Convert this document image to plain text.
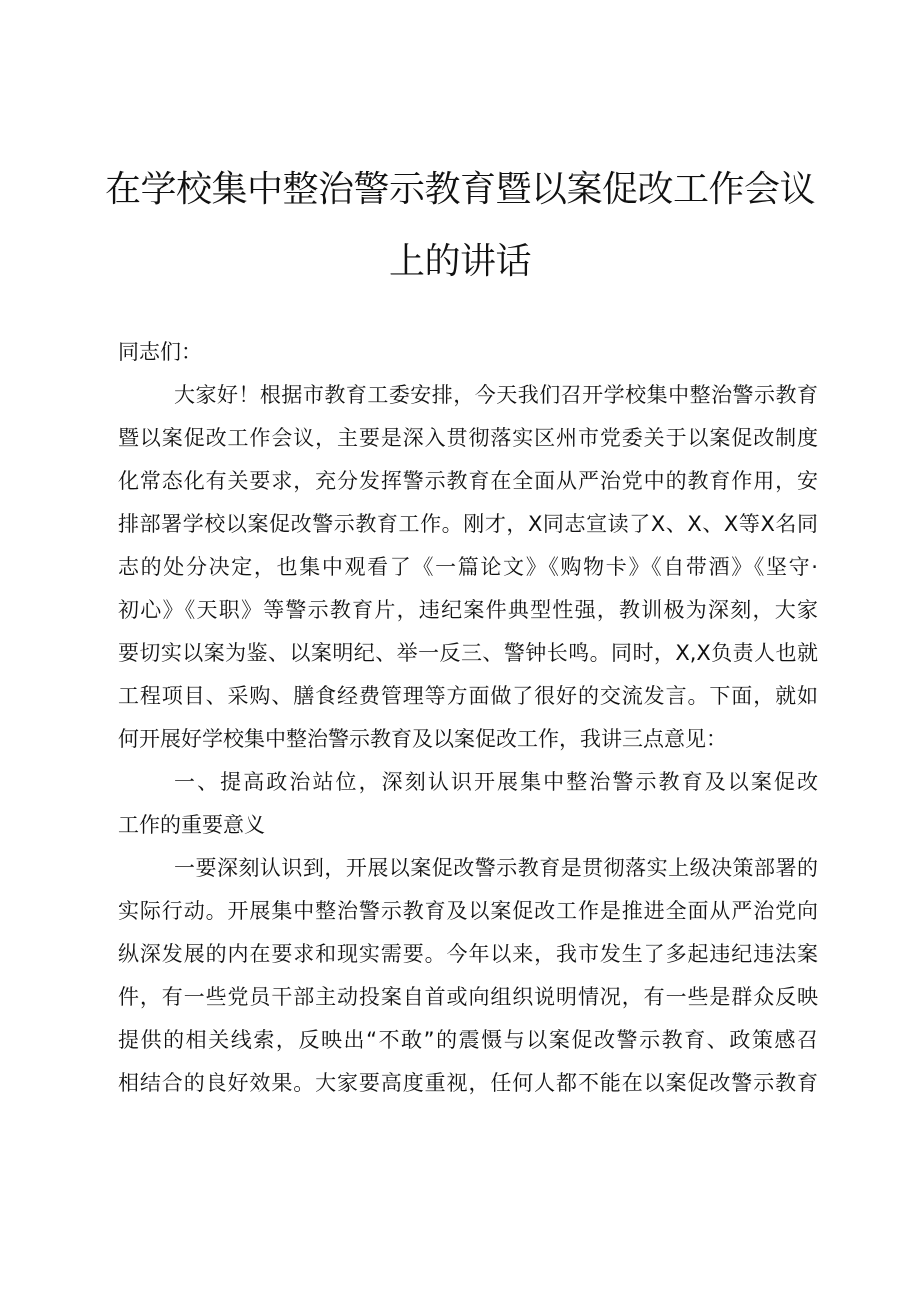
在学校集中整治警示教育暨以案促改工作会议
上的讲话
同志们：
大家好！根据市教育工委安排，今天我们召开学校集中整治警示教育
暨以案促改工作会议，主要是深入贯彻落实区州市党委关于以案促改制度
化常态化有关要求，充分发挥警示教育在全面从严治党中的教育作用，安
排部署学校以案促改警示教育工作。刚才，X同志宣读了X、X、X等X名同
志的处分决定，也集中观看了《一篇论文》《购物卡》《自带酒》《坚守·
初心》《天职》等警示教育片，违纪案件典型性强，教训极为深刻，大家
要切实以案为鉴、以案明纪、举一反三、警钟长鸣。同时，X,X负责人也就
工程项目、采购、膳食经费管理等方面做了很好的交流发言。下面，就如
何开展好学校集中整治警示教育及以案促改工作，我讲三点意见：
一、提高政治站位，深刻认识开展集中整治警示教育及以案促改
工作的重要意义
一要深刻认识到，开展以案促改警示教育是贯彻落实上级决策部署的
实际行动。开展集中整治警示教育及以案促改工作是推进全面从严治党向
纵深发展的内在要求和现实需要。今年以来，我市发生了多起违纪违法案
件，有一些党员干部主动投案自首或向组织说明情况，有一些是群众反映
提供的相关线索，反映出“不敢”的震慑与以案促改警示教育、政策感召
相结合的良好效果。大家要高度重视，任何人都不能在以案促改警示教育
